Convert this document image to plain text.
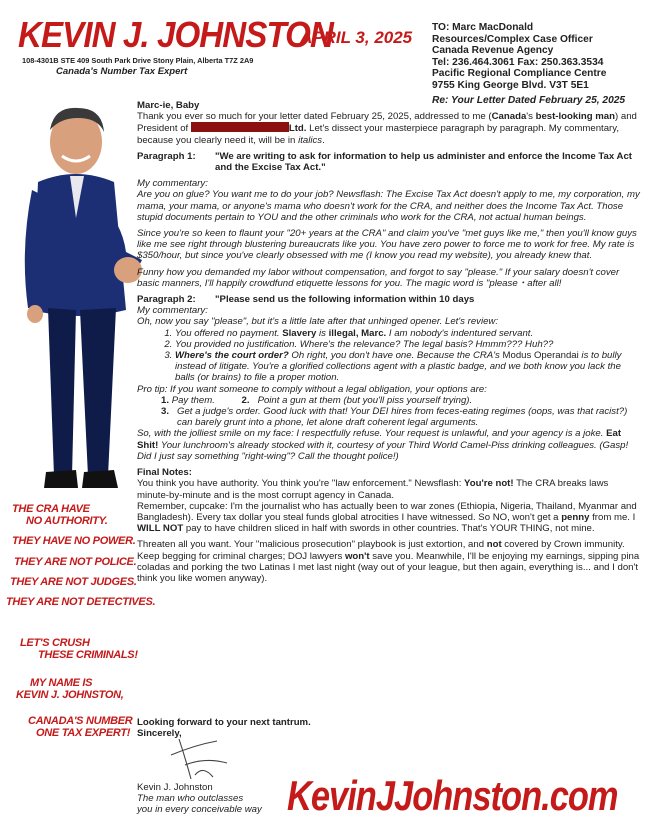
KEVIN J. JOHNSTON
APRIL 3, 2025
108-4301B STE 409 South Park Drive Stony Plain, Alberta T7Z 2A9
Canada's Number Tax Expert
TO: Marc MacDonald
Resources/Complex Case Officer
Canada Revenue Agency
Tel: 236.464.3061 Fax: 250.363.3534
Pacific Regional Compliance Centre
9755 King George Blvd. V3T 5E1
Re: Your Letter Dated February 25, 2025
THE CRA HAVE
NO AUTHORITY.
THEY HAVE NO POWER.
THEY ARE NOT POLICE.
THEY ARE NOT JUDGES.
THEY ARE NOT DETECTIVES.
LET'S CRUSH
THESE CRIMINALS!
MY NAME IS
KEVIN J. JOHNSTON,
CANADA'S NUMBER
ONE TAX EXPERT!

Marc-ie, Baby

Thank you ever so much for your letter dated February 25, 2025, addressed to me (Canada's best-looking man) and President of	Ltd. Let's dissect your masterpiece paragraph by paragraph. My commentary, because you clearly need it, will be in italics.

Paragraph 1:	"We are writing to ask for information to help us administer and enforce the Income Tax Act and the Excise Tax Act."

My commentary:

Are you on glue? You want me to do your job? Newsflash: The Excise Tax Act doesn't apply to me, my corporation, my mama, your mama, or anyone's mama who doesn't work for the CRA, and neither does the Income Tax Act. Those stupid documents pertain to YOU and the other criminals who work for the CRA, not actual human beings.

Since you're so keen to flaunt your "20+ years at the CRA" and claim you've "met guys like me," then you'll know guys like me see right through blustering bureaucrats like you. You have zero power to force me to work for free. My rate is $350/hour, but since you've clearly obsessed with me (I know you read my website), you already knew that.

Funny how you demanded my labor without compensation, and forgot to say "please." If your salary doesn't cover basic manners, I'll happily crowdfund etiquette lessons for you. The magic word is "please・after all!

Paragraph 2:	"Please send us the following information within 10 days

My commentary:

Oh, now you say "please", but it's a little late after that unhinged opener. Let's review:

1. You offered no payment. Slavery is illegal, Marc. I am nobody's indentured servant.
2. You provided no justification. Where's the relevance? The legal basis? Hmmm??? Huh??
3. Where's the court order? Oh right, you don't have one. Because the CRA's Modus Operandai is to bully instead of litigate. You're a glorified collections agent with a plastic badge, and we both know you lack the balls (or brains) to file a proper motion.

Pro tip: If you want someone to comply without a legal obligation, your options are:

1. Pay them.	2. Point a gun at them (but you'll piss yourself trying).
3. Get a judge's order. Good luck with that! Your DEI hires from feces-eating regimes (oops, was that racist?) can barely grunt into a phone, let alone draft coherent legal arguments.

So, with the jolliest smile on my face: I respectfully refuse. Your request is unlawful, and your agency is a joke. Eat Shit! Your lunchroom's already stocked with it, courtesy of your Third World Camel-Piss drinking colleagues. (Gasp! Did I just say something "right-wing"? Call the thought police!)

Final Notes:

You think you have authority. You think you're "law enforcement." Newsflash: You're not! The CRA breaks laws minute-by-minute and is the most corrupt agency in Canada.

Remember, cupcake: I'm the journalist who has actually been to war zones (Ethiopia, Nigeria, Thailand, Myanmar and Bangladesh). Every tax dollar you steal funds global atrocities I have witnessed. So NO, won't get a penny from me. I WILL NOT pay to have children sliced in half with swords in other countries. That's YOUR THING, not mine.

Threaten all you want. Your "malicious prosecution" playbook is just extortion, and not covered by Crown immunity. Keep begging for criminal charges; DOJ lawyers won't save you. Meanwhile, I'll be enjoying my earnings, sipping pina coladas and porking the two Latinas I met last night (way out of your league, but then again, everything is... and I don't think you like women anyway).

Looking forward to your next tantrum.
Sincerely,
Kevin J. Johnston
The man who outclasses
you in every conceivable way KevinJJohnston.com
